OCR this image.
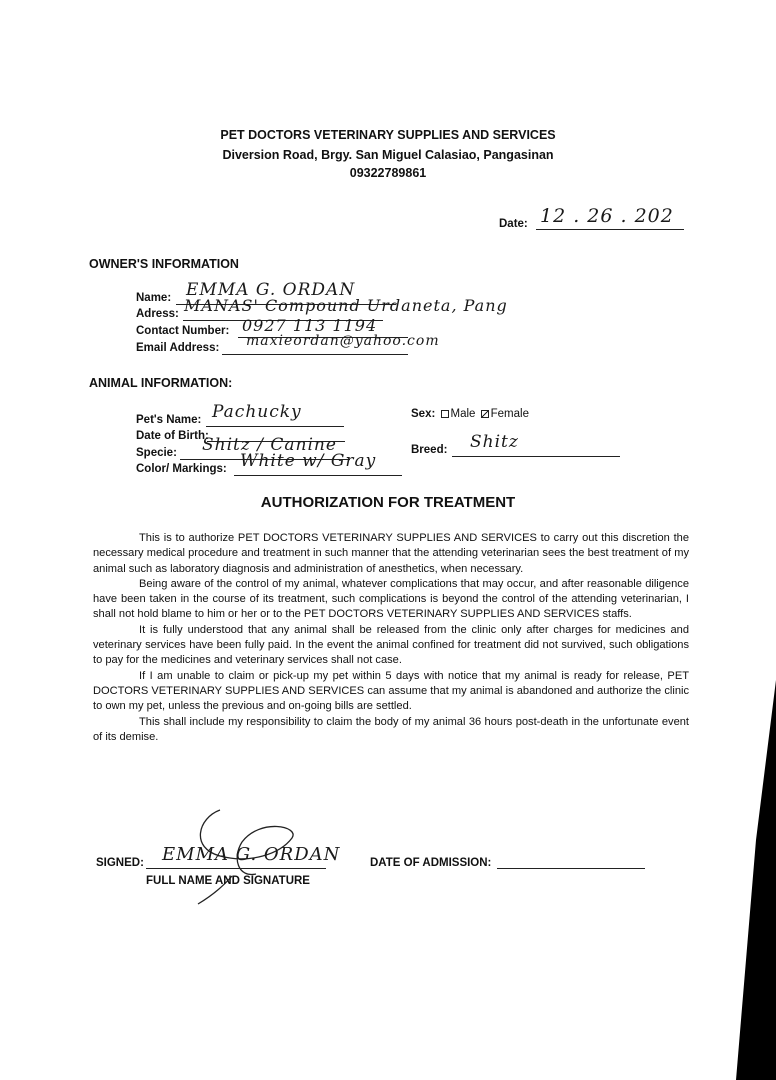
PET DOCTORS VETERINARY SUPPLIES AND SERVICES
Diversion Road, Brgy. San Miguel Calasiao, Pangasinan
09322789861
Date: 12 . 26 . 202
OWNER'S INFORMATION
Name: EMMA G. ORDAN
Adress: MANAS' Compound Urdaneta, Pang
Contact Number: 0927 113 1194
Email Address: maxieordan@yahoo.com
ANIMAL INFORMATION:
Pet's Name: Pachucky
Date of Birth:
Specie: Shitz / Canine
Color/ Markings: White w/ Gray
Sex: Male Female
Breed: Shitz
AUTHORIZATION FOR TREATMENT

This is to authorize PET DOCTORS VETERINARY SUPPLIES AND SERVICES to carry out this discretion the necessary medical procedure and treatment in such manner that the attending veterinarian sees the best treatment of my animal such as laboratory diagnosis and administration of anesthetics, when necessary.

Being aware of the control of my animal, whatever complications that may occur, and after reasonable diligence have been taken in the course of its treatment, such complications is beyond the control of the attending veterinarian, I shall not hold blame to him or her or to the PET DOCTORS VETERINARY SUPPLIES AND SERVICES staffs.

It is fully understood that any animal shall be released from the clinic only after charges for medicines and veterinary services have been fully paid. In the event the animal confined for treatment did not survived, such obligations to pay for the medicines and veterinary services shall not case.

If I am unable to claim or pick-up my pet within 5 days with notice that my animal is ready for release, PET DOCTORS VETERINARY SUPPLIES AND SERVICES can assume that my animal is abandoned and authorize the clinic to own my pet, unless the previous and on-going bills are settled.

This shall include my responsibility to claim the body of my animal 36 hours post-death in the unfortunate event of its demise.

SIGNED: EMMA G. ORDAN
FULL NAME AND SIGNATURE
DATE OF ADMISSION:
